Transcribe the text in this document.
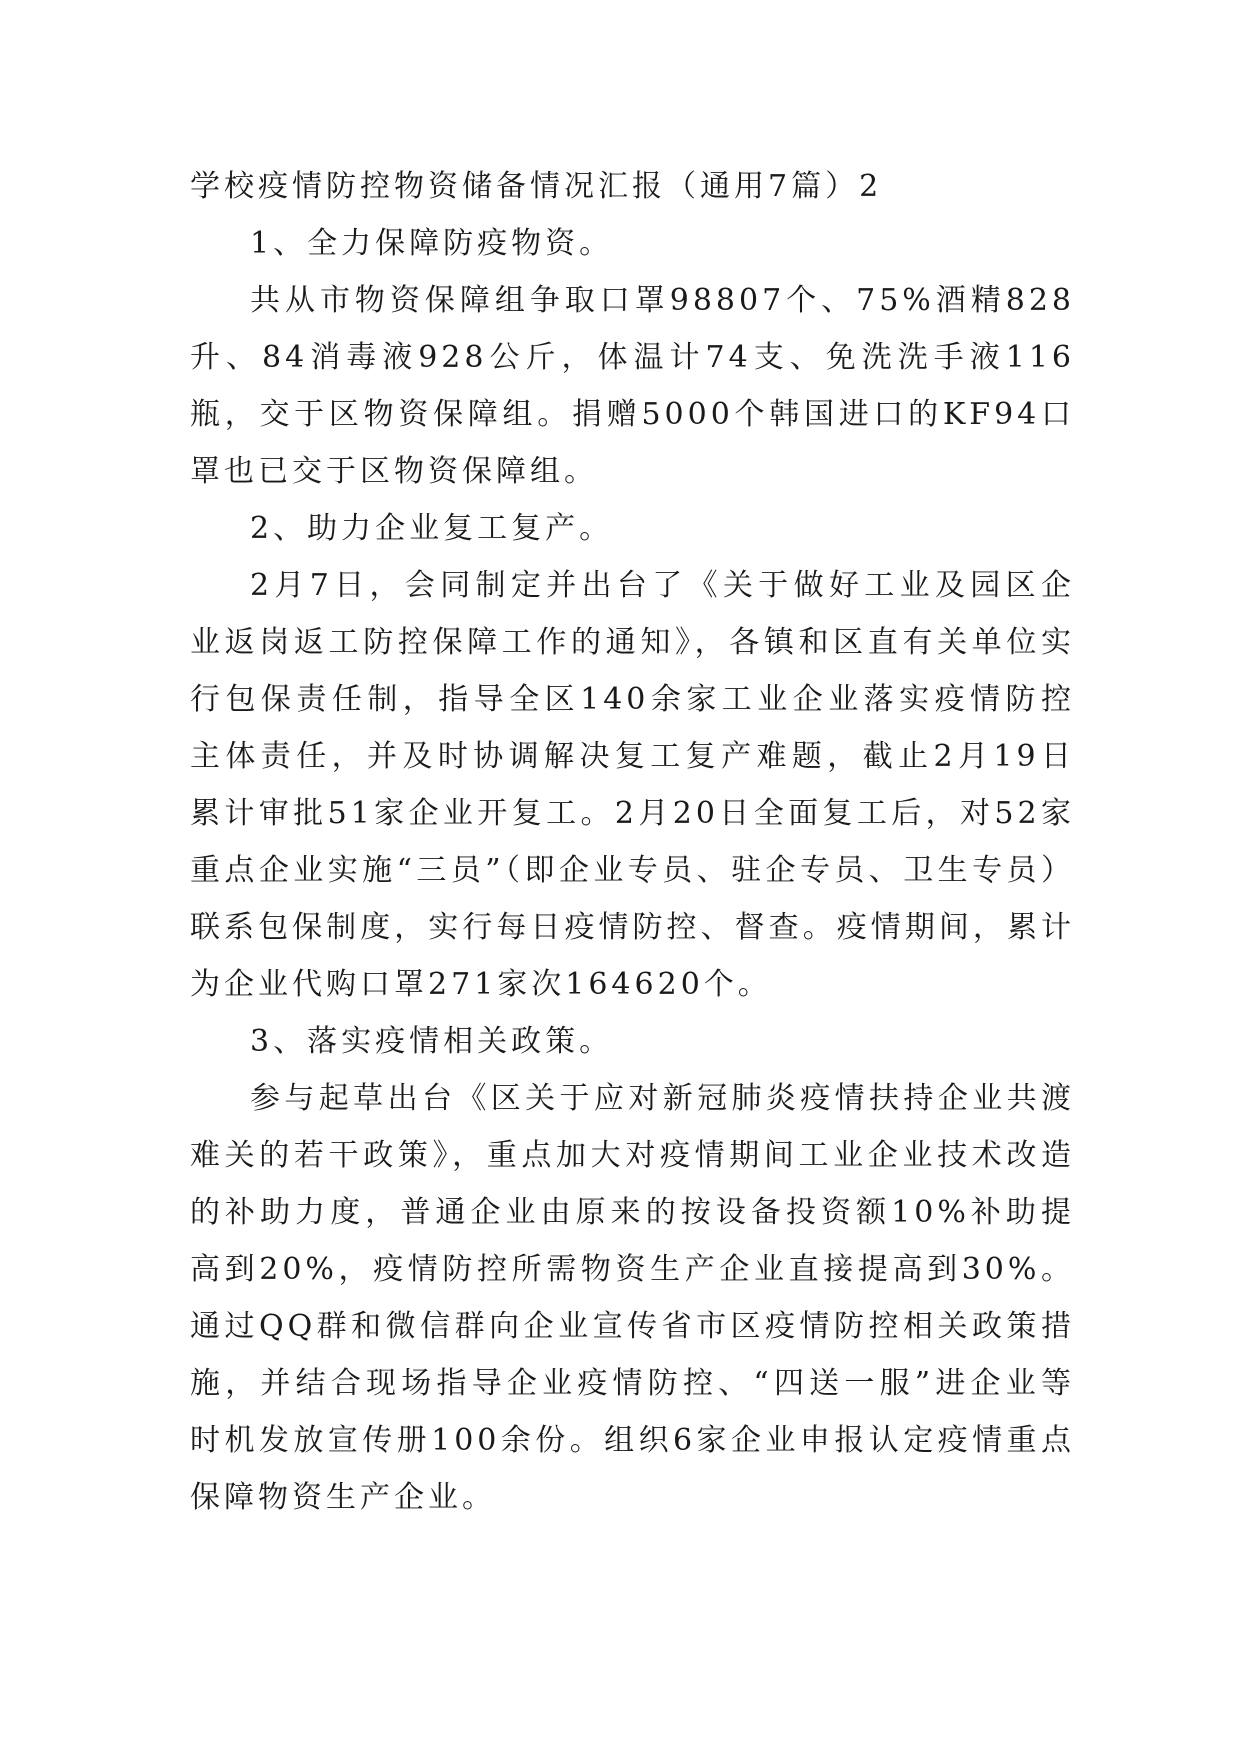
学校疫情防控物资储备情况汇报（通用7篇）2

1、全力保障防疫物资。

共从市物资保障组争取口罩98807个、75%酒精828升、84消毒液928公斤，体温计74支、免洗洗手液116瓶，交于区物资保障组。捐赠5000个韩国进口的KF94口罩也已交于区物资保障组。

2、助力企业复工复产。

2月7日，会同制定并出台了《关于做好工业及园区企业返岗返工防控保障工作的通知》，各镇和区直有关单位实行包保责任制，指导全区140余家工业企业落实疫情防控主体责任，并及时协调解决复工复产难题，截止2月19日累计审批51家企业开复工。2月20日全面复工后，对52家重点企业实施“三员”（即企业专员、驻企专员、卫生专员）联系包保制度，实行每日疫情防控、督查。疫情期间，累计为企业代购口罩271家次164620个。

3、落实疫情相关政策。

参与起草出台《区关于应对新冠肺炎疫情扶持企业共渡难关的若干政策》，重点加大对疫情期间工业企业技术改造的补助力度，普通企业由原来的按设备投资额10%补助提高到20%，疫情防控所需物资生产企业直接提高到30%。通过QQ群和微信群向企业宣传省市区疫情防控相关政策措施，并结合现场指导企业疫情防控、“四送一服”进企业等时机发放宣传册100余份。组织6家企业申报认定疫情重点保障物资生产企业。
